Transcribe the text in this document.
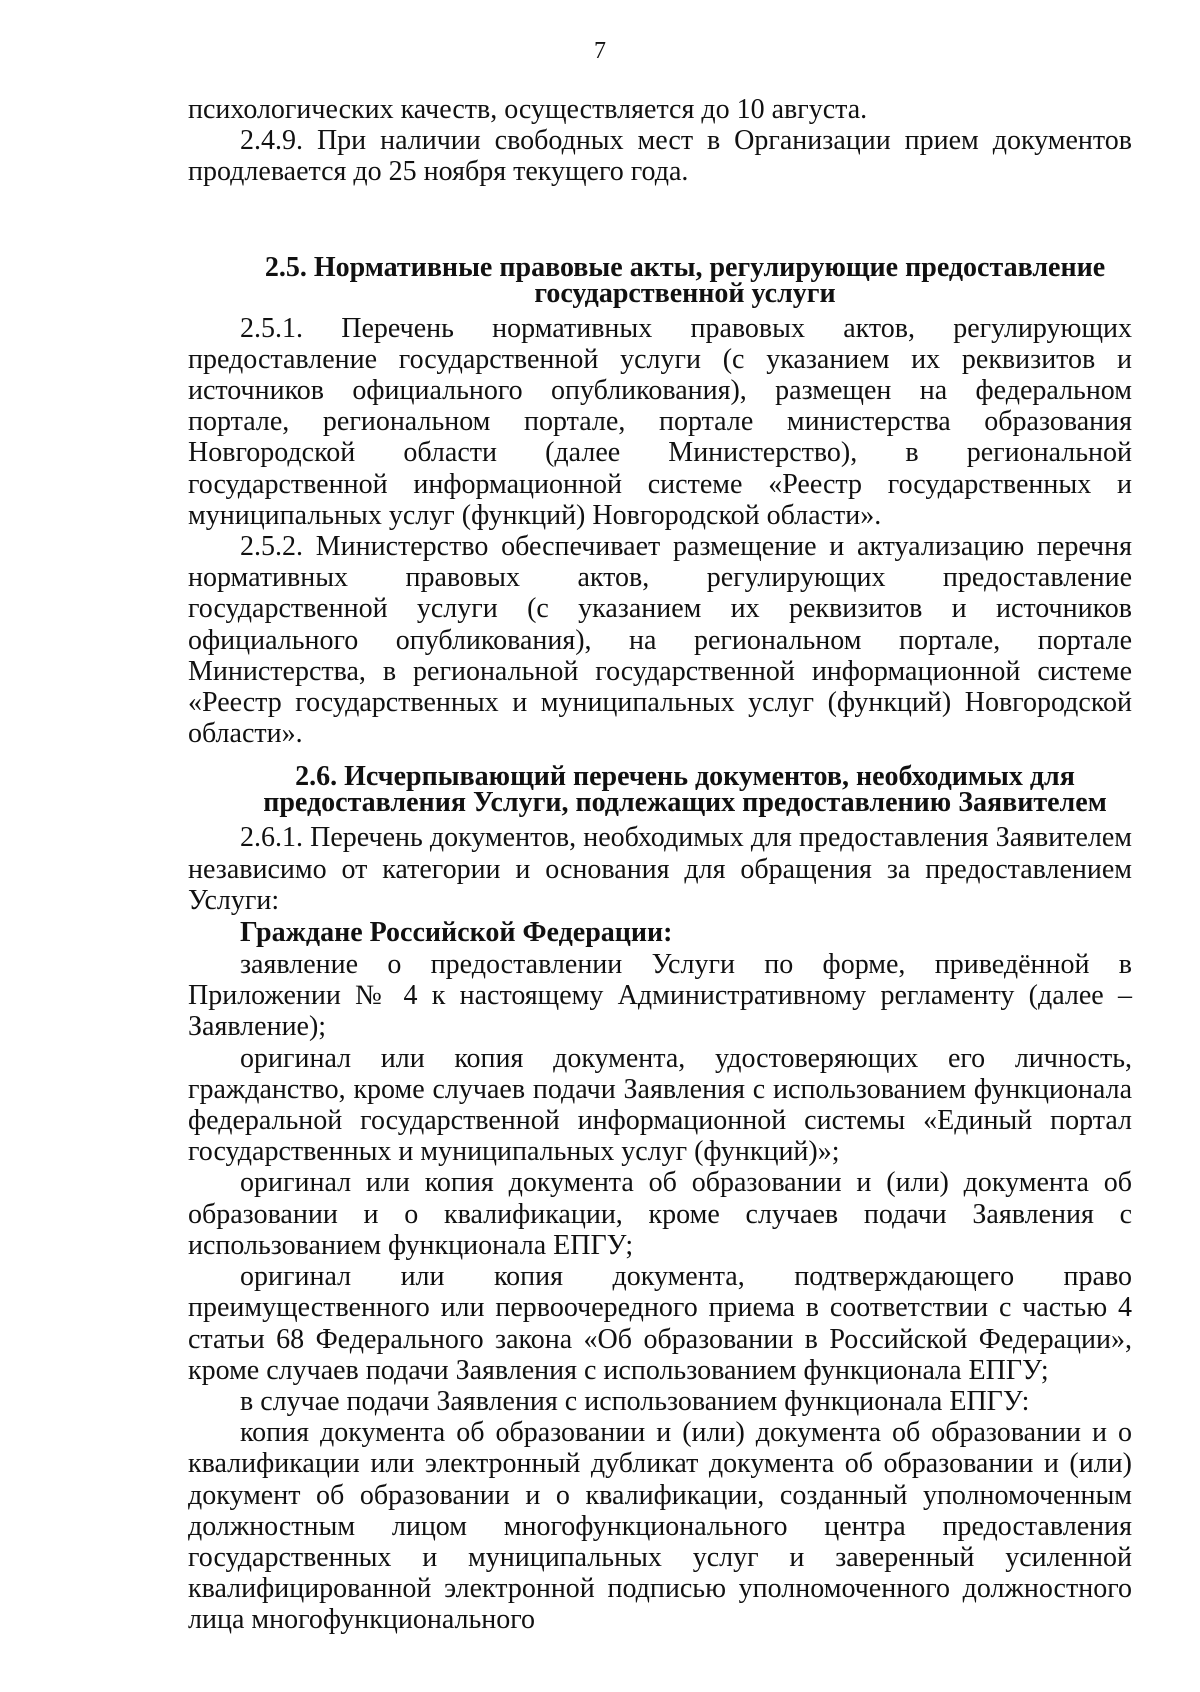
7

психологических качеств, осуществляется до 10 августа.

2.4.9. При наличии свободных мест в Организации прием документов продлевается до 25 ноября текущего года.

2.5. Нормативные правовые акты, регулирующие предоставление государственной услуги

2.5.1. Перечень нормативных правовых актов, регулирующих предоставление государственной услуги (с указанием их реквизитов и источников официального опубликования), размещен на федеральном портале, региональном портале, портале министерства образования Новгородской области (далее Министерство), в региональной государственной информационной системе «Реестр государственных и муниципальных услуг (функций) Новгородской области».

2.5.2. Министерство обеспечивает размещение и актуализацию перечня нормативных правовых актов, регулирующих предоставление государственной услуги (с указанием их реквизитов и источников официального опубликования), на региональном портале, портале Министерства, в региональной государственной информационной системе «Реестр государственных и муниципальных услуг (функций) Новгородской области».

2.6. Исчерпывающий перечень документов, необходимых для предоставления Услуги, подлежащих предоставлению Заявителем

2.6.1. Перечень документов, необходимых для предоставления Заявителем независимо от категории и основания для обращения за предоставлением Услуги:

Граждане Российской Федерации:

заявление о предоставлении Услуги по форме, приведённой в Приложении № 4 к настоящему Административному регламенту (далее – Заявление);

оригинал или копия документа, удостоверяющих его личность, гражданство, кроме случаев подачи Заявления с использованием функционала федеральной государственной информационной системы «Единый портал государственных и муниципальных услуг (функций)»;

оригинал или копия документа об образовании и (или) документа об образовании и о квалификации, кроме случаев подачи Заявления с использованием функционала ЕПГУ;

оригинал или копия документа, подтверждающего право преимущественного или первоочередного приема в соответствии с частью 4 статьи 68 Федерального закона «Об образовании в Российской Федерации», кроме случаев подачи Заявления с использованием функционала ЕПГУ;

в случае подачи Заявления с использованием функционала ЕПГУ:

копия документа об образовании и (или) документа об образовании и о квалификации или электронный дубликат документа об образовании и (или) документ об образовании и о квалификации, созданный уполномоченным должностным лицом многофункционального центра предоставления государственных и муниципальных услуг и заверенный усиленной квалифицированной электронной подписью уполномоченного должностного лица многофункционального
